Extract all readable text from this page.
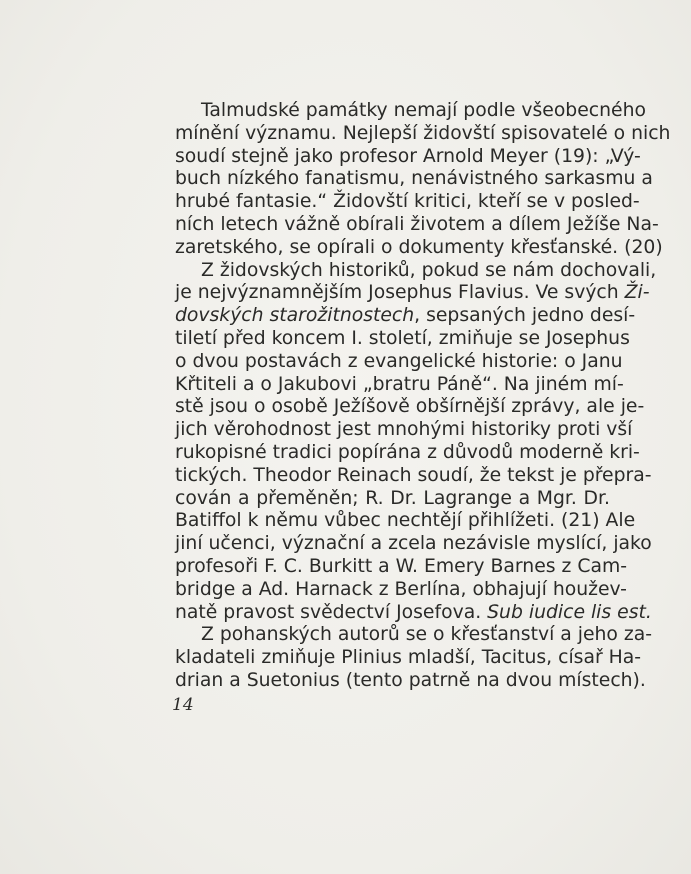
Talmudské památky nemají podle všeobecného
mínění významu. Nejlepší židovští spisovatelé o nich
soudí stejně jako profesor Arnold Meyer (19): „Vý-
buch nízkého fanatismu, nenávistného sarkasmu a
hrubé fantasie.“ Židovští kritici, kteří se v posled-
ních letech vážně obírali životem a dílem Ježíše Na-
zaretského, se opírali o dokumenty křesťanské. (20)
Z židovských historiků, pokud se nám dochovali,
je nejvýznamnějším Josephus Flavius. Ve svých Ži-
dovských starožitnostech, sepsaných jedno desí-
tiletí před koncem I. století, zmiňuje se Josephus
o dvou postavách z evangelické historie: o Janu
Křtiteli a o Jakubovi „bratru Páně“. Na jiném mí-
stě jsou o osobě Ježíšově obšírnější zprávy, ale je-
jich věrohodnost jest mnohými historiky proti vší
rukopisné tradici popírána z důvodů moderně kri-
tických. Theodor Reinach soudí, že tekst je přepra-
cován a přeměněn; R. Dr. Lagrange a Mgr. Dr.
Batiffol k němu vůbec nechtějí přihlížeti. (21) Ale
jiní učenci, význační a zcela nezávisle myslící, jako
profesoři F. C. Burkitt a W. Emery Barnes z Cam-
bridge a Ad. Harnack z Berlína, obhajují houžev-
natě pravost svědectví Josefova. Sub iudice lis est.
Z pohanských autorů se o křesťanství a jeho za-
kladateli zmiňuje Plinius mladší, Tacitus, císař Ha-
drian a Suetonius (tento patrně na dvou místech).
14
